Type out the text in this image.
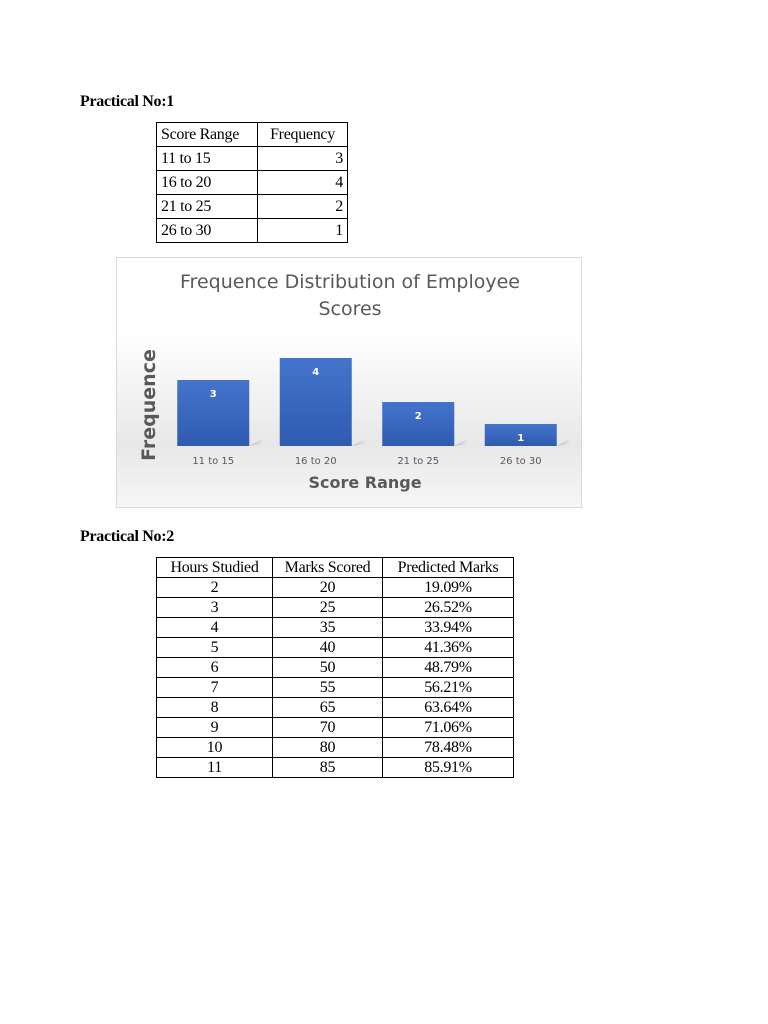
Practical No:1
Score Range	Frequency
11 to 15	3
16 to 20	4
21 to 25	2
26 to 30	1
Frequence Distribution of Employee
Scores
Frequence
Score Range
3
11 to 15
4
16 to 20
2
21 to 25
1
26 to 30
Practical No:2
Hours Studied	Marks Scored	Predicted Marks
2	20	19.09%
3	25	26.52%
4	35	33.94%
5	40	41.36%
6	50	48.79%
7	55	56.21%
8	65	63.64%
9	70	71.06%
10	80	78.48%
11	85	85.91%
